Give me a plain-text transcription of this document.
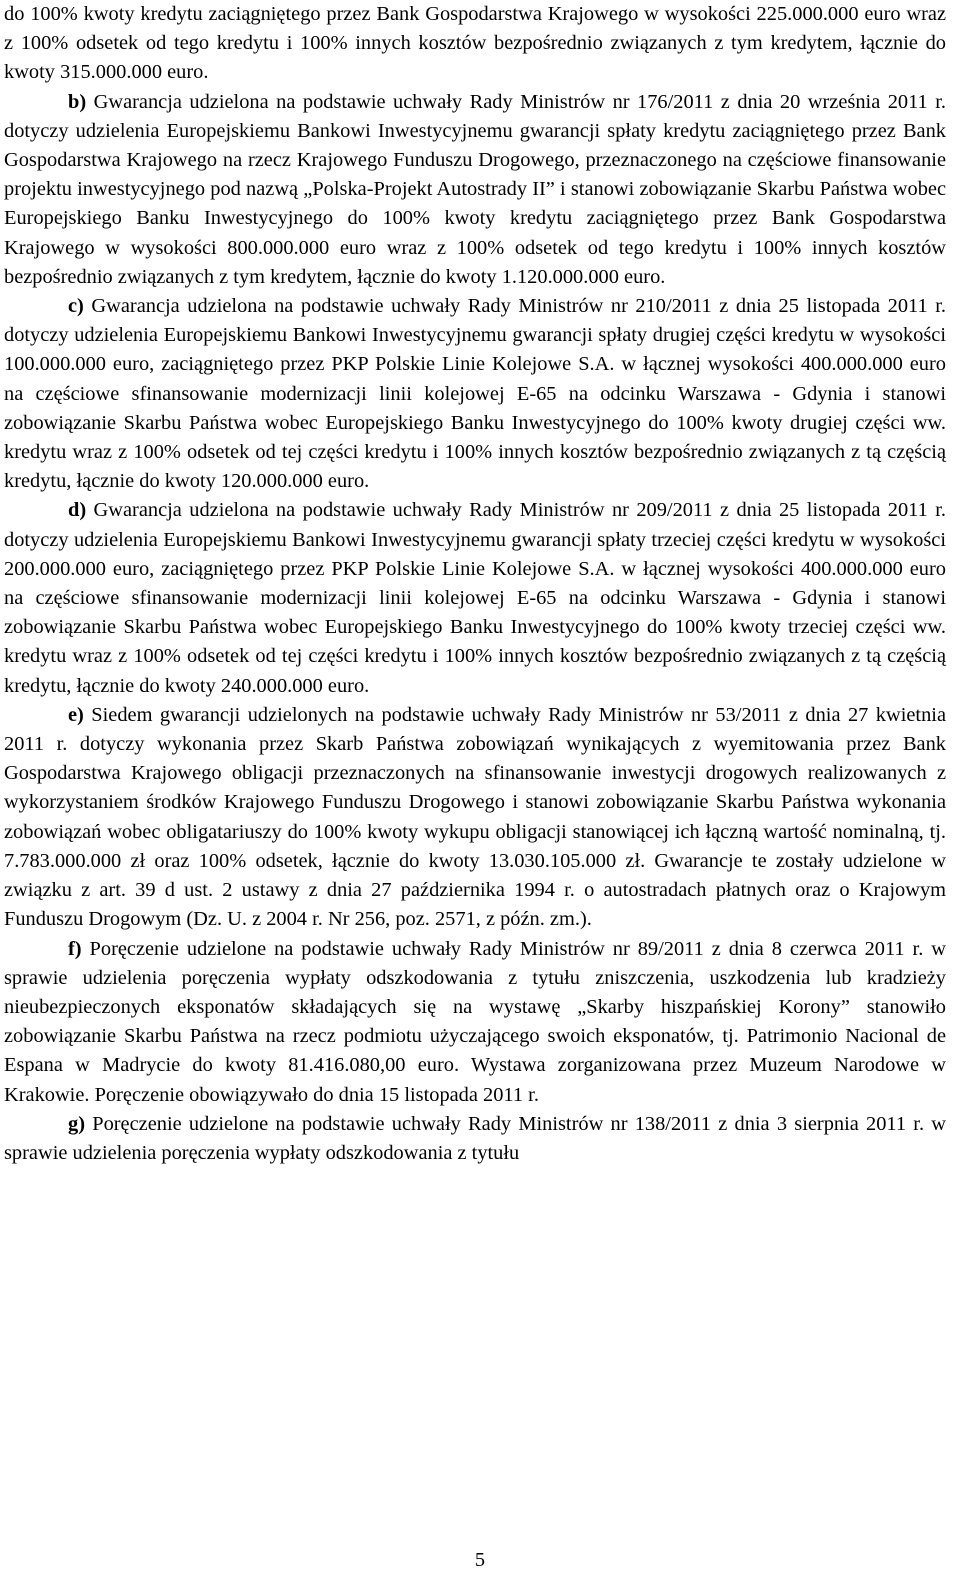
do 100% kwoty kredytu zaciągniętego przez Bank Gospodarstwa Krajowego w wysokości 225.000.000 euro wraz z 100% odsetek od tego kredytu i 100% innych kosztów bezpośrednio związanych z tym kredytem, łącznie do kwoty 315.000.000 euro.

b) Gwarancja udzielona na podstawie uchwały Rady Ministrów nr 176/2011 z dnia 20 września 2011 r. dotyczy udzielenia Europejskiemu Bankowi Inwestycyjnemu gwarancji spłaty kredytu zaciągniętego przez Bank Gospodarstwa Krajowego na rzecz Krajowego Funduszu Drogowego, przeznaczonego na częściowe finansowanie projektu inwestycyjnego pod nazwą „Polska-Projekt Autostrady II” i stanowi zobowiązanie Skarbu Państwa wobec Europejskiego Banku Inwestycyjnego do 100% kwoty kredytu zaciągniętego przez Bank Gospodarstwa Krajowego w wysokości 800.000.000 euro wraz z 100% odsetek od tego kredytu i 100% innych kosztów bezpośrednio związanych z tym kredytem, łącznie do kwoty 1.120.000.000 euro.

c) Gwarancja udzielona na podstawie uchwały Rady Ministrów nr 210/2011 z dnia 25 listopada 2011 r. dotyczy udzielenia Europejskiemu Bankowi Inwestycyjnemu gwarancji spłaty drugiej części kredytu w wysokości 100.000.000 euro, zaciągniętego przez PKP Polskie Linie Kolejowe S.A. w łącznej wysokości 400.000.000 euro na częściowe sfinansowanie modernizacji linii kolejowej E-65 na odcinku Warszawa - Gdynia i stanowi zobowiązanie Skarbu Państwa wobec Europejskiego Banku Inwestycyjnego do 100% kwoty drugiej części ww. kredytu wraz z 100% odsetek od tej części kredytu i 100% innych kosztów bezpośrednio związanych z tą częścią kredytu, łącznie do kwoty 120.000.000 euro.

d) Gwarancja udzielona na podstawie uchwały Rady Ministrów nr 209/2011 z dnia 25 listopada 2011 r. dotyczy udzielenia Europejskiemu Bankowi Inwestycyjnemu gwarancji spłaty trzeciej części kredytu w wysokości 200.000.000 euro, zaciągniętego przez PKP Polskie Linie Kolejowe S.A. w łącznej wysokości 400.000.000 euro na częściowe sfinansowanie modernizacji linii kolejowej E-65 na odcinku Warszawa - Gdynia i stanowi zobowiązanie Skarbu Państwa wobec Europejskiego Banku Inwestycyjnego do 100% kwoty trzeciej części ww. kredytu wraz z 100% odsetek od tej części kredytu i 100% innych kosztów bezpośrednio związanych z tą częścią kredytu, łącznie do kwoty 240.000.000 euro.

e) Siedem gwarancji udzielonych na podstawie uchwały Rady Ministrów nr 53/2011 z dnia 27 kwietnia 2011 r. dotyczy wykonania przez Skarb Państwa zobowiązań wynikających z wyemitowania przez Bank Gospodarstwa Krajowego obligacji przeznaczonych na sfinansowanie inwestycji drogowych realizowanych z wykorzystaniem środków Krajowego Funduszu Drogowego i stanowi zobowiązanie Skarbu Państwa wykonania zobowiązań wobec obligatariuszy do 100% kwoty wykupu obligacji stanowiącej ich łączną wartość nominalną, tj. 7.783.000.000 zł oraz 100% odsetek, łącznie do kwoty 13.030.105.000 zł. Gwarancje te zostały udzielone w związku z art. 39 d ust. 2 ustawy z dnia 27 października 1994 r. o autostradach płatnych oraz o Krajowym Funduszu Drogowym (Dz. U. z 2004 r. Nr 256, poz. 2571, z późn. zm.).

f) Poręczenie udzielone na podstawie uchwały Rady Ministrów nr 89/2011 z dnia 8 czerwca 2011 r. w sprawie udzielenia poręczenia wypłaty odszkodowania z tytułu zniszczenia, uszkodzenia lub kradzieży nieubezpieczonych eksponatów składających się na wystawę „Skarby hiszpańskiej Korony” stanowiło zobowiązanie Skarbu Państwa na rzecz podmiotu użyczającego swoich eksponatów, tj. Patrimonio Nacional de Espana w Madrycie do kwoty 81.416.080,00 euro. Wystawa zorganizowana przez Muzeum Narodowe w Krakowie. Poręczenie obowiązywało do dnia 15 listopada 2011 r.

g) Poręczenie udzielone na podstawie uchwały Rady Ministrów nr 138/2011 z dnia 3 sierpnia 2011 r. w sprawie udzielenia poręczenia wypłaty odszkodowania z tytułu

5
